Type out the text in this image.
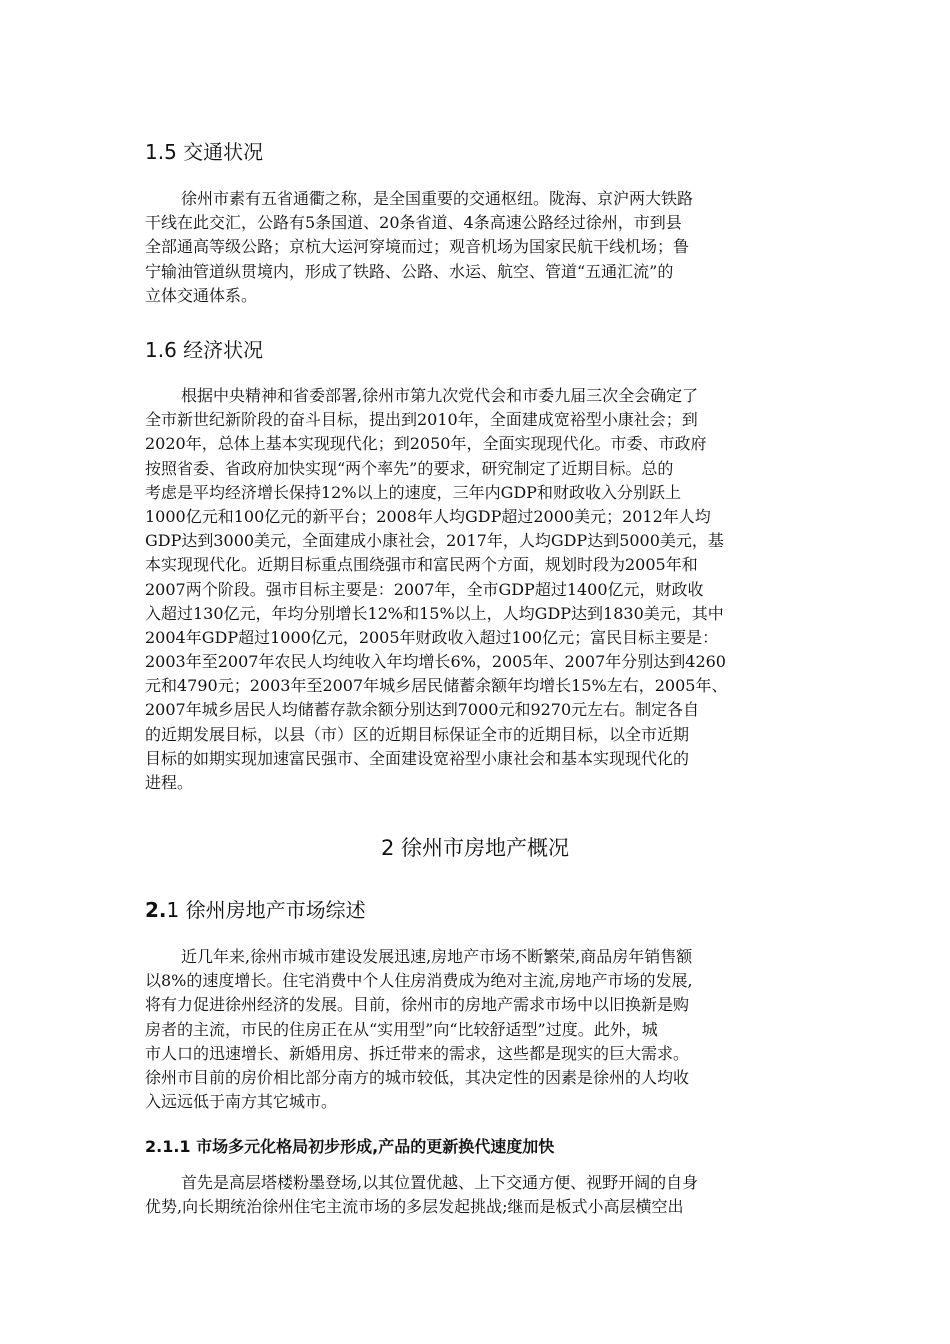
1.5 交通状况
徐州市素有五省通衢之称，是全国重要的交通枢纽。陇海、京沪两大铁路
干线在此交汇，公路有5条国道、20条省道、4条高速公路经过徐州，市到县
全部通高等级公路；京杭大运河穿境而过；观音机场为国家民航干线机场；鲁
宁输油管道纵贯境内，形成了铁路、公路、水运、航空、管道“五通汇流”的
立体交通体系。
1.6 经济状况
根据中央精神和省委部署,徐州市第九次党代会和市委九届三次全会确定了
全市新世纪新阶段的奋斗目标，提出到2010年，全面建成宽裕型小康社会；到
2020年，总体上基本实现现代化；到2050年，全面实现现代化。市委、市政府
按照省委、省政府加快实现“两个率先”的要求，研究制定了近期目标。总的
考虑是平均经济增长保持12%以上的速度，三年内GDP和财政收入分别跃上
1000亿元和100亿元的新平台；2008年人均GDP超过2000美元；2012年人均
GDP达到3000美元，全面建成小康社会，2017年，人均GDP达到5000美元，基
本实现现代化。近期目标重点围绕强市和富民两个方面，规划时段为2005年和
2007两个阶段。强市目标主要是：2007年，全市GDP超过1400亿元，财政收
入超过130亿元，年均分别增长12%和15%以上，人均GDP达到1830美元，其中
2004年GDP超过1000亿元，2005年财政收入超过100亿元；富民目标主要是：
2003年至2007年农民人均纯收入年均增长6%，2005年、2007年分别达到4260
元和4790元；2003年至2007年城乡居民储蓄余额年均增长15%左右，2005年、
2007年城乡居民人均储蓄存款余额分别达到7000元和9270元左右。制定各自
的近期发展目标，以县（市）区的近期目标保证全市的近期目标，以全市近期
目标的如期实现加速富民强市、全面建设宽裕型小康社会和基本实现现代化的
进程。
2 徐州市房地产概况
2.1 徐州房地产市场综述
近几年来,徐州市城市建设发展迅速,房地产市场不断繁荣,商品房年销售额
以8%的速度增长。住宅消费中个人住房消费成为绝对主流,房地产市场的发展,
将有力促进徐州经济的发展。目前，徐州市的房地产需求市场中以旧换新是购
房者的主流，市民的住房正在从“实用型”向“比较舒适型”过度。此外，城
市人口的迅速增长、新婚用房、拆迁带来的需求，这些都是现实的巨大需求。
徐州市目前的房价相比部分南方的城市较低，其决定性的因素是徐州的人均收
入远远低于南方其它城市。
2.1.1 市场多元化格局初步形成,产品的更新换代速度加快
首先是高层塔楼粉墨登场,以其位置优越、上下交通方便、视野开阔的自身
优势,向长期统治徐州住宅主流市场的多层发起挑战;继而是板式小高层横空出
